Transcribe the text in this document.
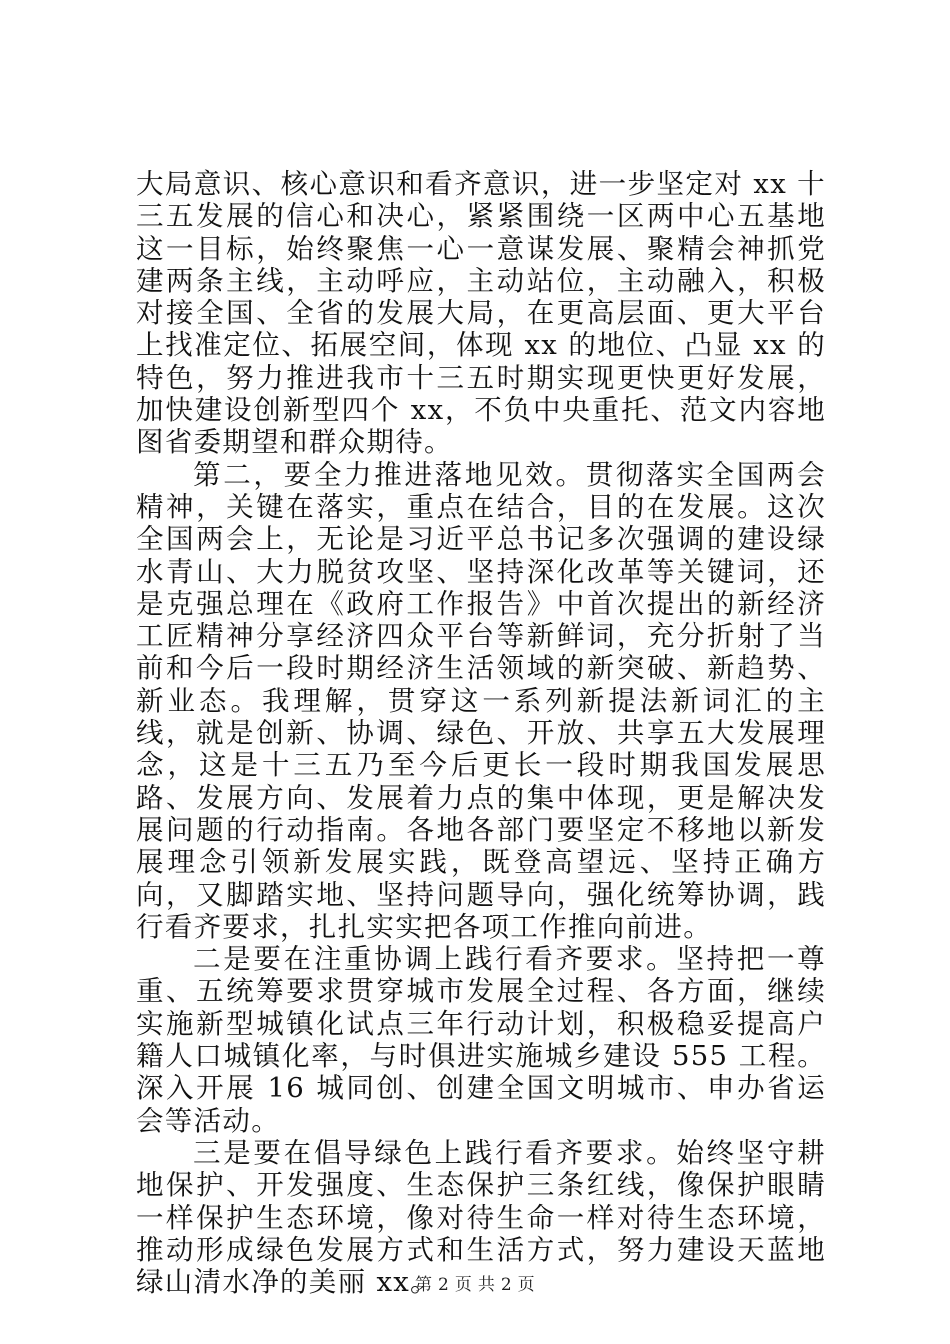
大局意识、核心意识和看齐意识，进一步坚定对 xx 十三五发展的信心和决心，紧紧围绕一区两中心五基地这一目标，始终聚焦一心一意谋发展、聚精会神抓党建两条主线，主动呼应，主动站位，主动融入，积极对接全国、全省的发展大局，在更高层面、更大平台上找准定位、拓展空间，体现 xx 的地位、凸显 xx 的特色，努力推进我市十三五时期实现更快更好发展，加快建设创新型四个 xx，不负中央重托、范文内容地图省委期望和群众期待。

第二，要全力推进落地见效。贯彻落实全国两会精神，关键在落实，重点在结合，目的在发展。这次全国两会上，无论是习近平总书记多次强调的建设绿水青山、大力脱贫攻坚、坚持深化改革等关键词，还是克强总理在《政府工作报告》中首次提出的新经济工匠精神分享经济四众平台等新鲜词，充分折射了当前和今后一段时期经济生活领域的新突破、新趋势、新业态。我理解，贯穿这一系列新提法新词汇的主线，就是创新、协调、绿色、开放、共享五大发展理念，这是十三五乃至今后更长一段时期我国发展思路、发展方向、发展着力点的集中体现，更是解决发展问题的行动指南。各地各部门要坚定不移地以新发展理念引领新发展实践，既登高望远、坚持正确方向，又脚踏实地、坚持问题导向，强化统筹协调，践行看齐要求，扎扎实实把各项工作推向前进。

二是要在注重协调上践行看齐要求。坚持把一尊重、五统筹要求贯穿城市发展全过程、各方面，继续实施新型城镇化试点三年行动计划，积极稳妥提高户籍人口城镇化率，与时俱进实施城乡建设 555 工程。深入开展 16 城同创、创建全国文明城市、申办省运会等活动。

三是要在倡导绿色上践行看齐要求。始终坚守耕地保护、开发强度、生态保护三条红线，像保护眼睛一样保护生态环境，像对待生命一样对待生态环境，推动形成绿色发展方式和生活方式，努力建设天蓝地绿山清水净的美丽 xx。

第 2 页 共 2 页
